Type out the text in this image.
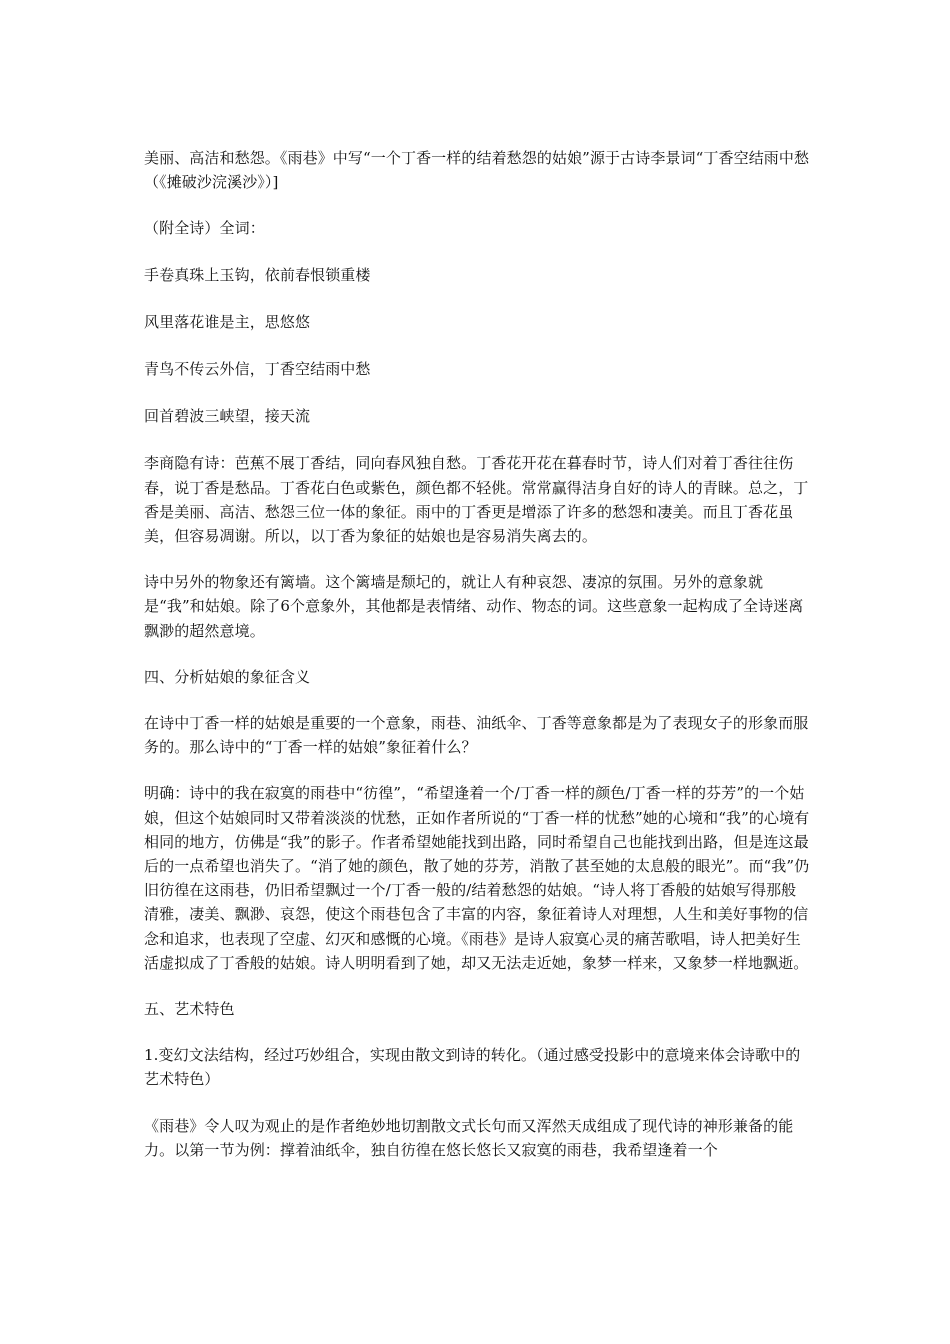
美丽、高洁和愁怨。《雨巷》中写“一个丁香一样的结着愁怨的姑娘”源于古诗李景词“丁香空结雨中愁（《摊破沙浣溪沙》）]

（附全诗）全词：

手卷真珠上玉钩，依前春恨锁重楼

风里落花谁是主，思悠悠

青鸟不传云外信，丁香空结雨中愁

回首碧波三峡望，接天流

李商隐有诗：芭蕉不展丁香结，同向春风独自愁。丁香花开花在暮春时节，诗人们对着丁香往往伤春，说丁香是愁品。丁香花白色或紫色，颜色都不轻佻。常常赢得洁身自好的诗人的青睐。总之，丁香是美丽、高洁、愁怨三位一体的象征。雨中的丁香更是增添了许多的愁怨和凄美。而且丁香花虽美，但容易凋谢。所以，以丁香为象征的姑娘也是容易消失离去的。

诗中另外的物象还有篱墙。这个篱墙是颓圮的，就让人有种哀怨、凄凉的氛围。另外的意象就是“我”和姑娘。除了6个意象外，其他都是表情绪、动作、物态的词。这些意象一起构成了全诗迷离飘渺的超然意境。

四、分析姑娘的象征含义

在诗中丁香一样的姑娘是重要的一个意象，雨巷、油纸伞、丁香等意象都是为了表现女子的形象而服务的。那么诗中的“丁香一样的姑娘”象征着什么？

明确：诗中的我在寂寞的雨巷中“彷徨”，“希望逢着一个/丁香一样的颜色/丁香一样的芬芳”的一个姑娘，但这个姑娘同时又带着淡淡的忧愁，正如作者所说的“丁香一样的忧愁”她的心境和“我”的心境有相同的地方，仿佛是“我”的影子。作者希望她能找到出路，同时希望自己也能找到出路，但是连这最后的一点希望也消失了。“消了她的颜色，散了她的芬芳，消散了甚至她的太息般的眼光”。而“我”仍旧彷徨在这雨巷，仍旧希望飘过一个/丁香一般的/结着愁怨的姑娘。“诗人将丁香般的姑娘写得那般清雅，凄美、飘渺、哀怨，使这个雨巷包含了丰富的内容，象征着诗人对理想，人生和美好事物的信念和追求，也表现了空虚、幻灭和感慨的心境。《雨巷》是诗人寂寞心灵的痛苦歌唱，诗人把美好生活虚拟成了丁香般的姑娘。诗人明明看到了她，却又无法走近她，象梦一样来，又象梦一样地飘逝。

五、艺术特色

1.变幻文法结构，经过巧妙组合，实现由散文到诗的转化。（通过感受投影中的意境来体会诗歌中的艺术特色）

《雨巷》令人叹为观止的是作者绝妙地切割散文式长句而又浑然天成组成了现代诗的神形兼备的能力。以第一节为例：撑着油纸伞，独自彷徨在悠长悠长又寂寞的雨巷，我希望逢着一个
